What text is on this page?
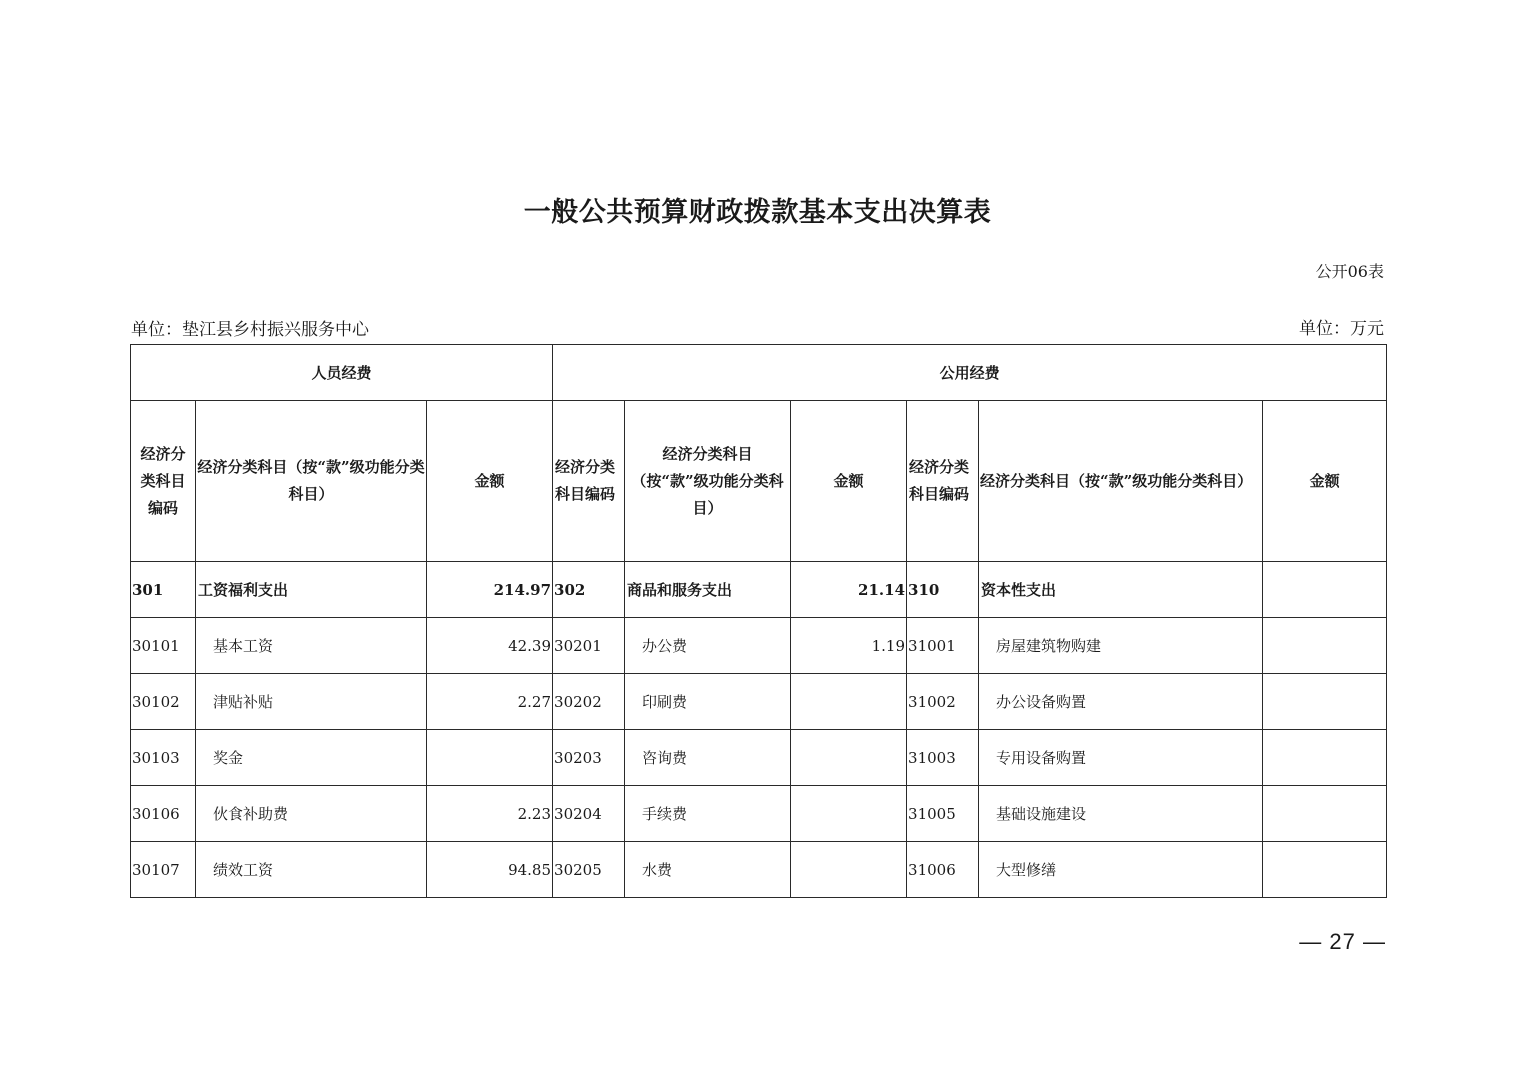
一般公共预算财政拨款基本支出决算表
公开06表
单位：垫江县乡村振兴服务中心	单位：万元
人员经费			公用经费					

经济分类科目编码	经济分类科目（按“款”级功能分类科目）	金额	经济分类科目编码	经济分类科目（按“款”级功能分类科目）	金额	经济分类科目编码	经济分类科目（按“款”级功能分类科目）	金额
301	工资福利支出	214.97	302	商品和服务支出	21.14	310	资本性支出	
30101	基本工资	42.39	30201	办公费	1.19	31001	房屋建筑物购建	
30102	津贴补贴	2.27	30202	印刷费		31002	办公设备购置	
30103	奖金		30203	咨询费		31003	专用设备购置	
30106	伙食补助费	2.23	30204	手续费		31005	基础设施建设	
30107	绩效工资	94.85	30205	水费		31006	大型修缮	
— 27 —
